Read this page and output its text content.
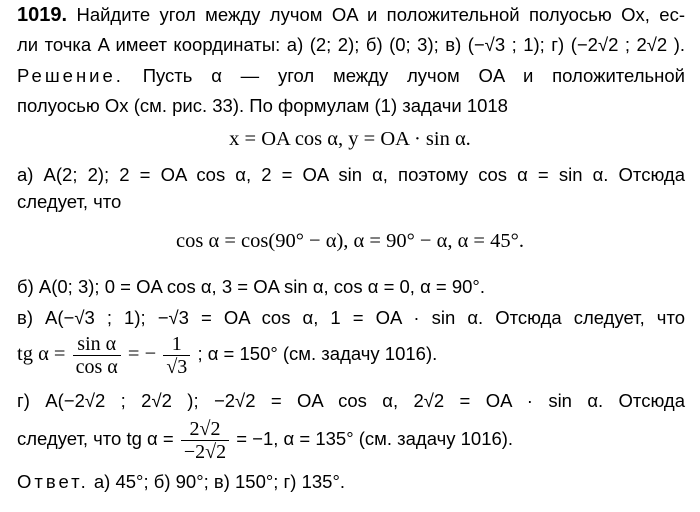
1019. Найдите угол между лучом OA и положительной полуосью Ox, ес-
ли точка A имеет координаты: а) (2; 2); б) (0; 3); в) (−√3 ; 1); г) (−2√2 ; 2√2 ).
Решение. Пусть α — угол между лучом OA и положительной
полуосью Ox (см. рис. 33). По формулам (1) задачи 1018
x = OA cos α, y = OA · sin α.
а) A(2; 2); 2 = OA cos α, 2 = OA sin α, поэтому cos α = sin α. Отсюда
следует, что
cos α = cos(90° − α), α = 90° − α, α = 45°.
б) A(0; 3); 0 = OA cos α, 3 = OA sin α, cos α = 0, α = 90°.
в) A(−√3 ; 1); −√3 = OA cos α, 1 = OA · sin α. Отсюда следует, что
tg $\alpha = \frac{\text{sin α}}{\text{cos α}}$ = − $\frac{1}{√3}$ ; α = 150° (см. задачу 1016).
г) A(−2√2 ; 2√2 ); −2√2 = OA cos α, 2√2 = OA · sin α. Отсюда
следует, что tg $\alpha = \frac{2√2}{-2√2} = -1$, α = 135° (см. задачу 1016).
Ответ. а) 45°; б) 90°; в) 150°; г) 135°.
